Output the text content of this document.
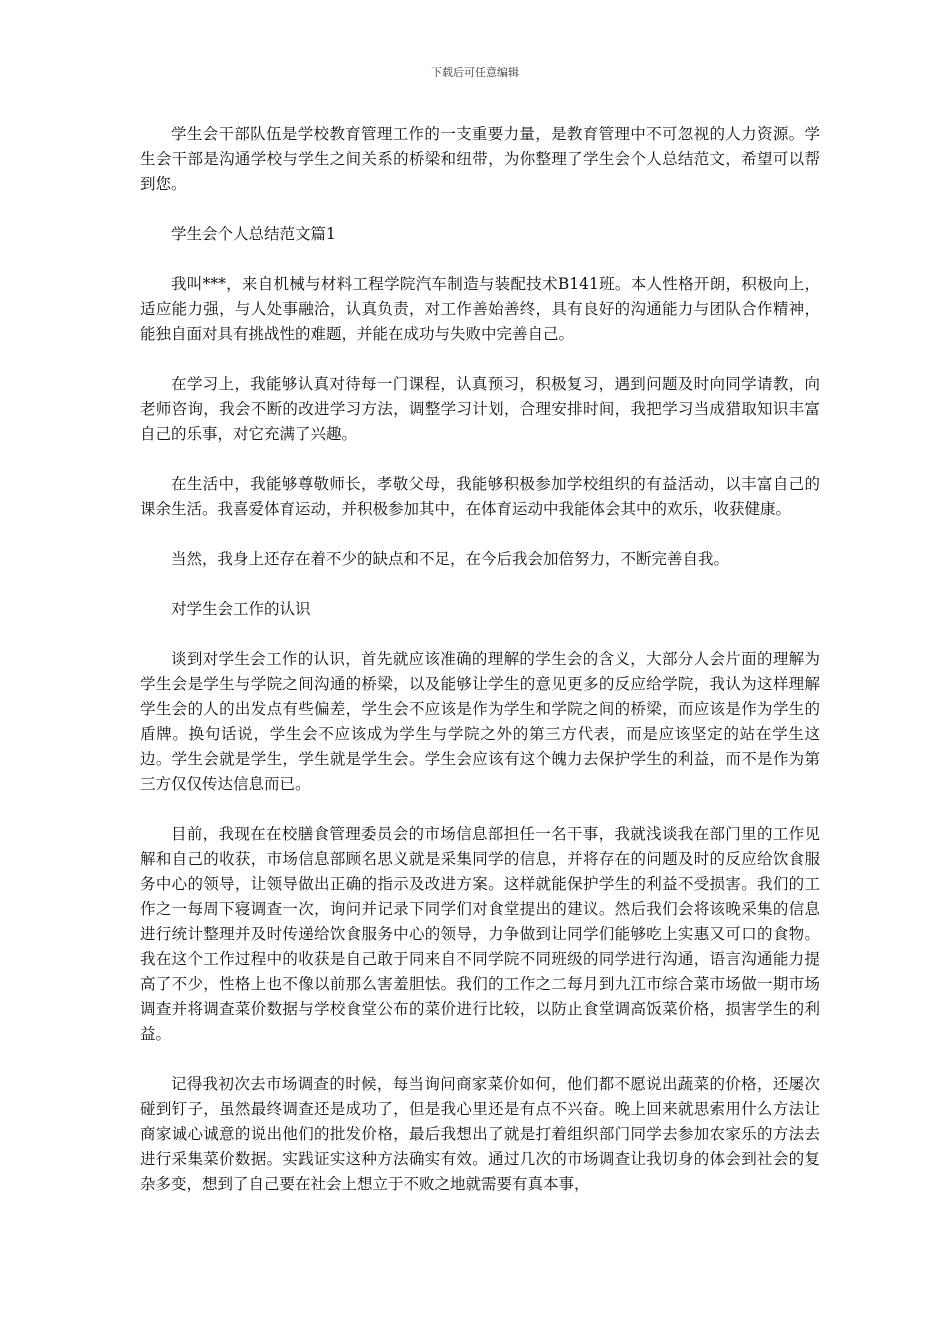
下载后可任意编辑

学生会干部队伍是学校教育管理工作的一支重要力量，是教育管理中不可忽视的人力资源。学生会干部是沟通学校与学生之间关系的桥梁和纽带，为你整理了学生会个人总结范文，希望可以帮到您。

学生会个人总结范文篇1

我叫***，来自机械与材料工程学院汽车制造与装配技术B141班。本人性格开朗，积极向上，适应能力强，与人处事融洽，认真负责，对工作善始善终，具有良好的沟通能力与团队合作精神，能独自面对具有挑战性的难题，并能在成功与失败中完善自己。

在学习上，我能够认真对待每一门课程，认真预习，积极复习，遇到问题及时向同学请教，向老师咨询，我会不断的改进学习方法，调整学习计划，合理安排时间，我把学习当成猎取知识丰富自己的乐事，对它充满了兴趣。

在生活中，我能够尊敬师长，孝敬父母，我能够积极参加学校组织的有益活动，以丰富自己的课余生活。我喜爱体育运动，并积极参加其中，在体育运动中我能体会其中的欢乐，收获健康。

当然，我身上还存在着不少的缺点和不足，在今后我会加倍努力，不断完善自我。

对学生会工作的认识

谈到对学生会工作的认识，首先就应该准确的理解的学生会的含义，大部分人会片面的理解为学生会是学生与学院之间沟通的桥梁，以及能够让学生的意见更多的反应给学院，我认为这样理解学生会的人的出发点有些偏差，学生会不应该是作为学生和学院之间的桥梁，而应该是作为学生的盾牌。换句话说，学生会不应该成为学生与学院之外的第三方代表，而是应该坚定的站在学生这边。学生会就是学生，学生就是学生会。学生会应该有这个魄力去保护学生的利益，而不是作为第三方仅仅传达信息而已。

目前，我现在在校膳食管理委员会的市场信息部担任一名干事，我就浅谈我在部门里的工作见解和自己的收获，市场信息部顾名思义就是采集同学的信息，并将存在的问题及时的反应给饮食服务中心的领导，让领导做出正确的指示及改进方案。这样就能保护学生的利益不受损害。我们的工作之一每周下寝调查一次，询问并记录下同学们对食堂提出的建议。然后我们会将该晚采集的信息进行统计整理并及时传递给饮食服务中心的领导，力争做到让同学们能够吃上实惠又可口的食物。我在这个工作过程中的收获是自己敢于同来自不同学院不同班级的同学进行沟通，语言沟通能力提高了不少，性格上也不像以前那么害羞胆怯。我们的工作之二每月到九江市综合菜市场做一期市场调查并将调查菜价数据与学校食堂公布的菜价进行比较，以防止食堂调高饭菜价格，损害学生的利益。

记得我初次去市场调查的时候，每当询问商家菜价如何，他们都不愿说出蔬菜的价格，还屡次碰到钉子，虽然最终调查还是成功了，但是我心里还是有点不兴奋。晚上回来就思索用什么方法让商家诚心诚意的说出他们的批发价格，最后我想出了就是打着组织部门同学去参加农家乐的方法去进行采集菜价数据。实践证实这种方法确实有效。通过几次的市场调查让我切身的体会到社会的复杂多变，想到了自己要在社会上想立于不败之地就需要有真本事，
